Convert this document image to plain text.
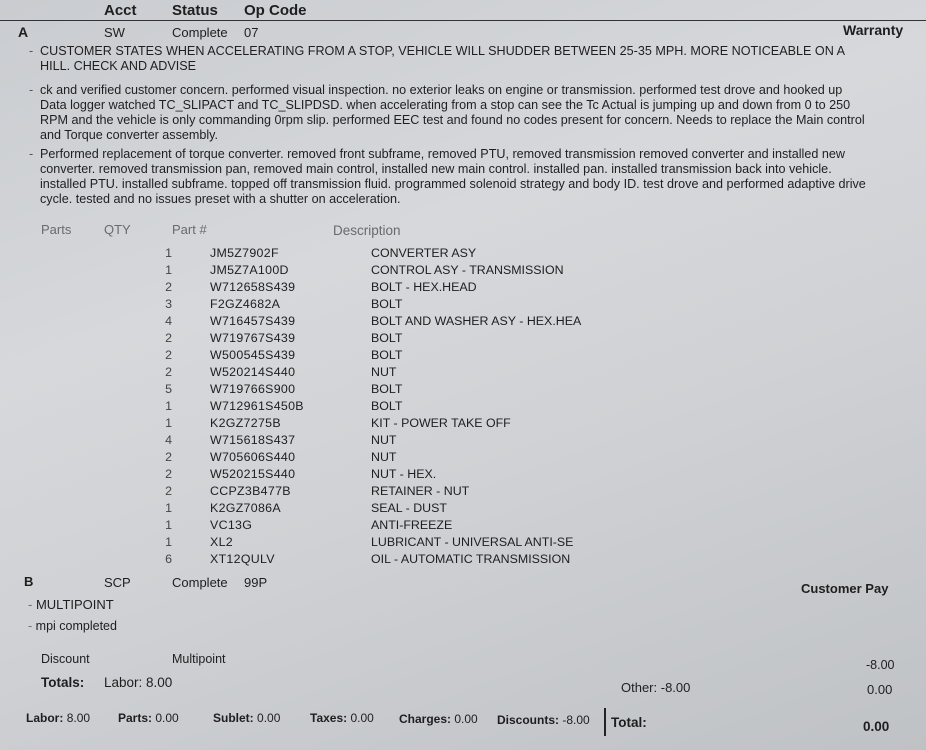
Acct Status Op Code
A	SW	Complete 07	Warranty
- CUSTOMER STATES WHEN ACCELERATING FROM A STOP, VEHICLE WILL SHUDDER BETWEEN 25-35 MPH. MORE NOTICEABLE ON A
HILL. CHECK AND ADVISE
- ck and verified customer concern. performed visual inspection. no exterior leaks on engine or transmission. performed test drove and hooked up
Data logger watched TC_SLIPACT and TC_SLIPDSD. when accelerating from a stop can see the Tc Actual is jumping up and down from 0 to 250
RPM and the vehicle is only commanding 0rpm slip. performed EEC test and found no codes present for concern. Needs to replace the Main control
and Torque converter assembly.
- Performed replacement of torque converter. removed front subframe, removed PTU, removed transmission removed converter and installed new
converter. removed transmission pan, removed main control, installed new main control. installed pan. installed transmission back into vehicle.
installed PTU. installed subframe. topped off transmission fluid. programmed solenoid strategy and body ID. test drove and performed adaptive drive
cycle. tested and no issues preset with a shutter on acceleration.
Parts	QTY	Part #	Description
	1		JM5Z7902F	CONVERTER ASY
	1		JM5Z7A100D	CONTROL ASY - TRANSMISSION
	2		W712658S439	BOLT - HEX.HEAD
	3		F2GZ4682A	BOLT
	4		W716457S439	BOLT AND WASHER ASY - HEX.HEA
	2		W719767S439	BOLT
	2		W500545S439	BOLT
	2		W520214S440	NUT
	5		W719766S900	BOLT
	1		W712961S450B	BOLT
	1		K2GZ7275B	KIT - POWER TAKE OFF
	4		W715618S437	NUT
	2		W705606S440	NUT
	2		W520215S440	NUT - HEX.
	2		CCPZ3B477B	RETAINER - NUT
	1		K2GZ7086A	SEAL - DUST
	1		VC13G	ANTI-FREEZE
	1		XL2	LUBRICANT - UNIVERSAL ANTI-SE
	6		XT12QULV	OIL - AUTOMATIC TRANSMISSION
B	SCP	Complete 99P	Customer Pay
- MULTIPOINT
- mpi completed
Discount	Multipoint	-8.00
Totals: Labor: 8.00	Other: -8.00	0.00
Labor: 8.00 Parts: 0.00	Sublet: 0.00 Taxes: 0.00 Charges: 0.00 Discounts: -8.00 Total:	0.00
